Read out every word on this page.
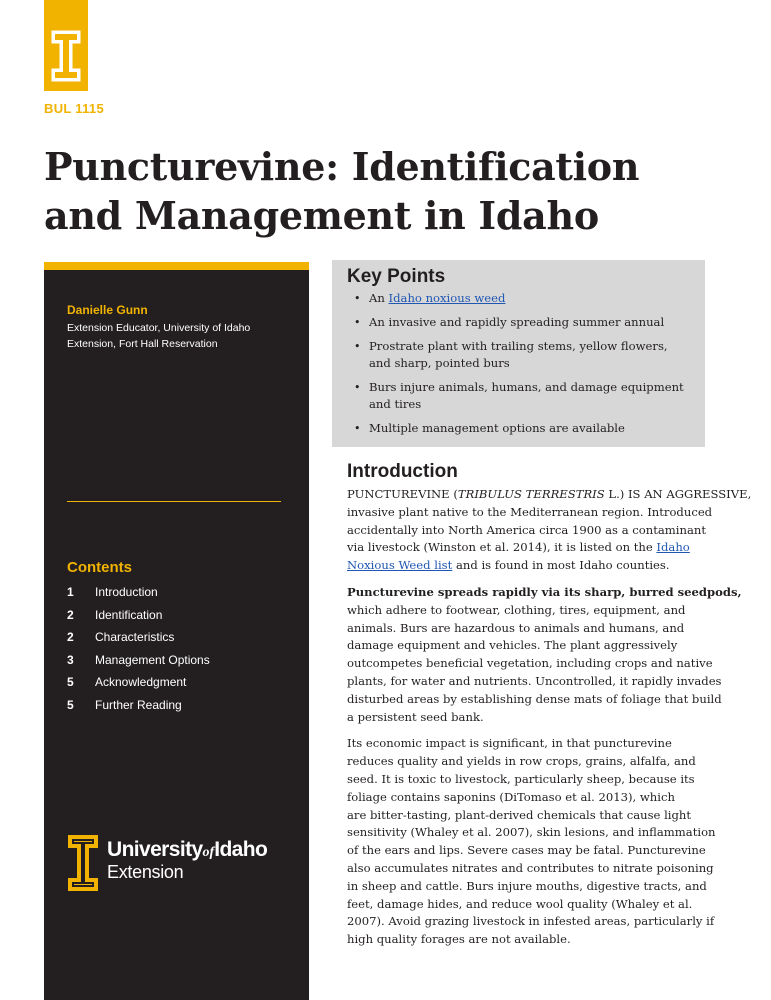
BUL 1115
Puncturevine: Identification
and Management in Idaho
Danielle Gunn
Extension Educator, University of Idaho
Extension, Fort Hall Reservation
Contents
1	Introduction
2	Identification
2	Characteristics
3	Management Options
5	Acknowledgment
5	Further Reading
UniversityofIdaho
Extension
Key Points
• An Idaho noxious weed
• An invasive and rapidly spreading summer annual
• Prostrate plant with trailing stems, yellow flowers,
and sharp, pointed burs
• Burs injure animals, humans, and damage equipment
and tires
• Multiple management options are available
Introduction

PUNCTUREVINE (TRIBULUS TERRESTRIS L.) IS AN AGGRESSIVE,
invasive plant native to the Mediterranean region. Introduced
accidentally into North America circa 1900 as a contaminant
via livestock (Winston et al. 2014), it is listed on the Idaho
Noxious Weed list and is found in most Idaho counties.

Puncturevine spreads rapidly via its sharp, burred seedpods,
which adhere to footwear, clothing, tires, equipment, and
animals. Burs are hazardous to animals and humans, and
damage equipment and vehicles. The plant aggressively
outcompetes beneficial vegetation, including crops and native
plants, for water and nutrients. Uncontrolled, it rapidly invades
disturbed areas by establishing dense mats of foliage that build
a persistent seed bank.

Its economic impact is significant, in that puncturevine
reduces quality and yields in row crops, grains, alfalfa, and
seed. It is toxic to livestock, particularly sheep, because its
foliage contains saponins (DiTomaso et al. 2013), which
are bitter-tasting, plant-derived chemicals that cause light
sensitivity (Whaley et al. 2007), skin lesions, and inflammation
of the ears and lips. Severe cases may be fatal. Puncturevine
also accumulates nitrates and contributes to nitrate poisoning
in sheep and cattle. Burs injure mouths, digestive tracts, and
feet, damage hides, and reduce wool quality (Whaley et al.
2007). Avoid grazing livestock in infested areas, particularly if
high quality forages are not available.
